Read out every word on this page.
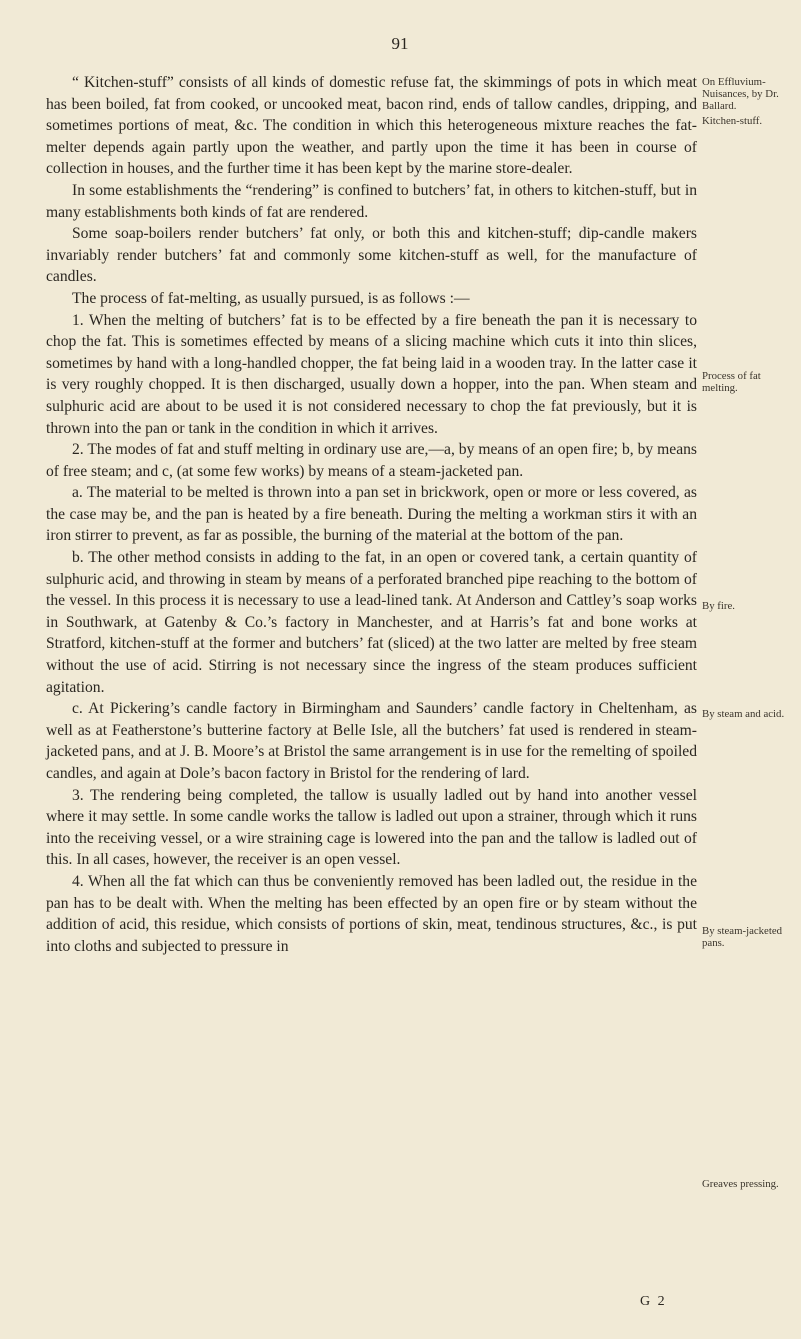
91

“ Kitchen-stuff” consists of all kinds of domestic refuse fat, the skimmings of pots in which meat has been boiled, fat from cooked, or uncooked meat, bacon rind, ends of tallow candles, dripping, and sometimes portions of meat, &c. The condition in which this heterogeneous mixture reaches the fat-melter depends again partly upon the weather, and partly upon the time it has been in course of collection in houses, and the further time it has been kept by the marine store-dealer.

In some establishments the “rendering” is confined to butchers’ fat, in others to kitchen-stuff, but in many establishments both kinds of fat are rendered.

Some soap-boilers render butchers’ fat only, or both this and kitchen-stuff; dip-candle makers invariably render butchers’ fat and commonly some kitchen-stuff as well, for the manufacture of candles.

The process of fat-melting, as usually pursued, is as follows :—

1. When the melting of butchers’ fat is to be effected by a fire beneath the pan it is necessary to chop the fat. This is sometimes effected by means of a slicing machine which cuts it into thin slices, sometimes by hand with a long-handled chopper, the fat being laid in a wooden tray. In the latter case it is very roughly chopped. It is then discharged, usually down a hopper, into the pan. When steam and sulphuric acid are about to be used it is not considered necessary to chop the fat previously, but it is thrown into the pan or tank in the condition in which it arrives.

2. The modes of fat and stuff melting in ordinary use are,—a, by means of an open fire; b, by means of free steam; and c, (at some few works) by means of a steam-jacketed pan.

a. The material to be melted is thrown into a pan set in brickwork, open or more or less covered, as the case may be, and the pan is heated by a fire beneath. During the melting a workman stirs it with an iron stirrer to prevent, as far as possible, the burning of the material at the bottom of the pan.

b. The other method consists in adding to the fat, in an open or covered tank, a certain quantity of sulphuric acid, and throwing in steam by means of a perforated branched pipe reaching to the bottom of the vessel. In this process it is necessary to use a lead-lined tank. At Anderson and Cattley’s soap works in Southwark, at Gatenby & Co.’s factory in Manchester, and at Harris’s fat and bone works at Stratford, kitchen-stuff at the former and butchers’ fat (sliced) at the two latter are melted by free steam without the use of acid. Stirring is not necessary since the ingress of the steam produces sufficient agitation.

c. At Pickering’s candle factory in Birmingham and Saunders’ candle factory in Cheltenham, as well as at Featherstone’s butterine factory at Belle Isle, all the butchers’ fat used is rendered in steam-jacketed pans, and at J. B. Moore’s at Bristol the same arrangement is in use for the remelting of spoiled candles, and again at Dole’s bacon factory in Bristol for the rendering of lard.

3. The rendering being completed, the tallow is usually ladled out by hand into another vessel where it may settle. In some candle works the tallow is ladled out upon a strainer, through which it runs into the receiving vessel, or a wire straining cage is lowered into the pan and the tallow is ladled out of this. In all cases, however, the receiver is an open vessel.

4. When all the fat which can thus be conveniently removed has been ladled out, the residue in the pan has to be dealt with. When the melting has been effected by an open fire or by steam without the addition of acid, this residue, which consists of portions of skin, meat, tendinous structures, &c., is put into cloths and subjected to pressure in

On Effluvium-Nuisances, by Dr. Ballard.
Kitchen-stuff.
Process of fat melting.
By fire.
By steam and acid.
By steam-jacketed pans.
Greaves pressing.
G 2
